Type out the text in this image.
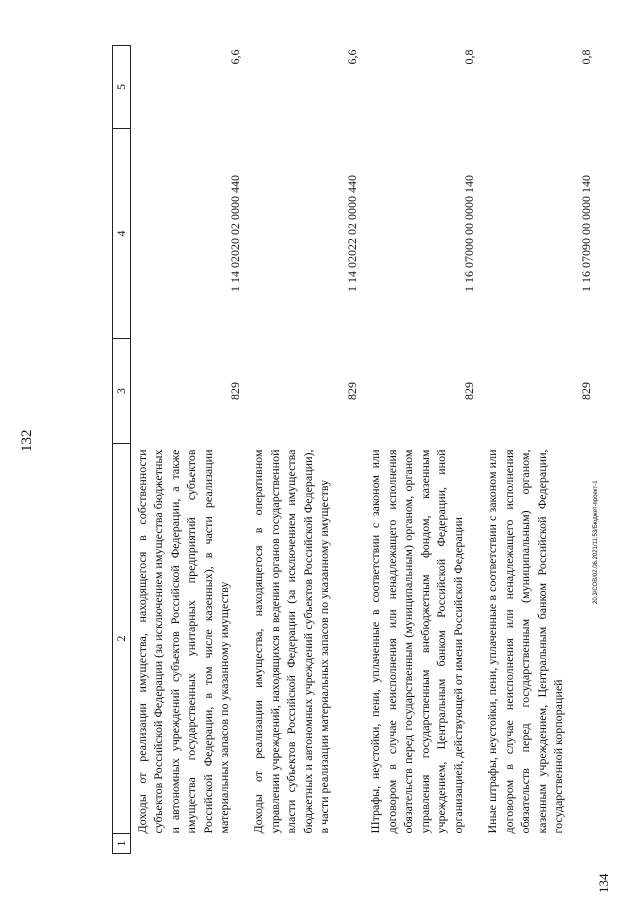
132
1	2	3	4	5
	Доходы от реализации имущества, находящегося в собственности субъектов Российской Федерации (за исключением имущества бюджетных и автономных учреждений субъектов Российской Федерации, а также имущества государственных унитарных предприятий субъектов Российской Федерации, в том числе казенных), в части реализации материальных запасов по указанному имуществу	829	1 14 02020 02 0000 440	6,6
	Доходы от реализации имущества, находящегося в оперативном управлении учреждений, находящихся в ведении органов государственной власти субъектов Российской Федерации (за исключением имущества бюджетных и автономных учреждений субъектов Российской Федерации), в части реализации материальных запасов по указанному имуществу	829	1 14 02022 02 0000 440	6,6
	Штрафы, неустойки, пени, уплаченные в соответствии с законом или договором в случае неисполнения или ненадлежащего исполнения обязательств перед государственным (муниципальным) органом, органом управления государственным внебюджетным фондом, казенным учреждением, Центральным банком Российской Федерации, иной организацией, действующей от имени Российской Федерации	829	1 16 07000 00 0000 140	0,8
	Иные штрафы, неустойки, пени, уплаченные в соответствии с законом или договором в случае неисполнения или ненадлежащего исполнения обязательств перед государственным (муниципальным) органом, казенным учреждением, Центральным банком Российской Федерации, государственной корпорацией	829	1 16 07090 00 0000 140	0,8
20.3/СОВ/02.06.2021/11:53/Бюджет-проект-1
134
